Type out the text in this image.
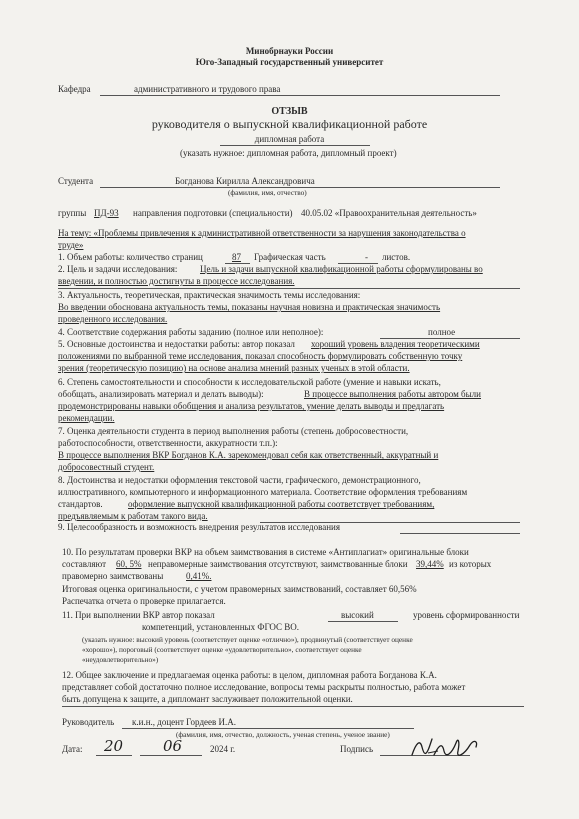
Минобрнауки России
Юго-Западный государственный университет
Кафедра	административного и трудового права
ОТЗЫВ
руководителя о выпускной квалификационной работе
дипломная работа
(указать нужное: дипломная работа, дипломный проект)
Студента	Богданова Кирилла Александровича
(фамилия, имя, отчество)
группы ПД-93 направления подготовки (специальности) 40.05.02 «Правоохранительная деятельность»
На тему: «Проблемы привлечения к административной ответственности за нарушения законодательства о
труде»
1. Объем работы: количество страниц	87 Графическая часть	- листов.
2. Цель и задачи исследования:	Цель и задачи выпускной квалификационной работы сформулированы во
введении, и полностью достигнуты в процессе исследования.
3. Актуальность, теоретическая, практическая значимость темы исследования:
Во введении обоснована актуальность темы, показаны научная новизна и практическая значимость
проведенного исследования.
4. Соответствие содержания работы заданию (полное или неполное):	полное
5. Основные достоинства и недостатки работы: автор показал хороший уровень владения теоретическими
положениями по выбранной теме исследования, показал способность формулировать собственную точку
зрения (теоретическую позицию) на основе анализа мнений разных ученых в этой области.
6. Степень самостоятельности и способности к исследовательской работе (умение и навыки искать,
обобщать, анализировать материал и делать выводы):	В процессе выполнения работы автором были
продемонстрированы навыки обобщения и анализа результатов, умение делать выводы и предлагать
рекомендации.
7. Оценка деятельности студента в период выполнения работы (степень добросовестности,
работоспособности, ответственности, аккуратности т.п.):
В процессе выполнения ВКР Богданов К.А. зарекомендовал себя как ответственный, аккуратный и
добросовестный студент.
8. Достоинства и недостатки оформления текстовой части, графического, демонстрационного,
иллюстративного, компьютерного и информационного материала. Соответствие оформления требованиям
стандартов.	оформление выпускной квалификационной работы соответствует требованиям,
предъявляемым к работам такого вида.
9. Целесообразность и возможность внедрения результатов исследования
10. По результатам проверки ВКР на объем заимствования в системе «Антиплагиат» оригинальные блоки
составляют 60, 5% неправомерные заимствования отсутствуют, заимствованные блоки 39,44% из которых
правомерно заимствованы	0,41%.
Итоговая оценка оригинальности, с учетом правомерных заимствований, составляет 60,56%
Распечатка отчета о проверке прилагается.
11. При выполнении ВКР автор показал	высокий	уровень сформированности
компетенций, установленных ФГОС ВО.
(указать нужное: высокий уровень (соответствует оценке «отлично»), продвинутый (соответствует оценке
«хорошо»), пороговый (соответствует оценке «удовлетворительно», соответствует оценке
«неудовлетворительно»)
12. Общее заключение и предлагаемая оценка работы: в целом, дипломная работа Богданова К.А.
представляет собой достаточно полное исследование, вопросы темы раскрыты полностью, работа может
быть допущена к защите, а дипломант заслуживает положительной оценки.
Руководитель к.и.н., доцент Гордеев И.А.
(фамилия, имя, отчество, должность, ученая степень, ученое звание)
Дата: 20	06	2024 г.	Подпись
